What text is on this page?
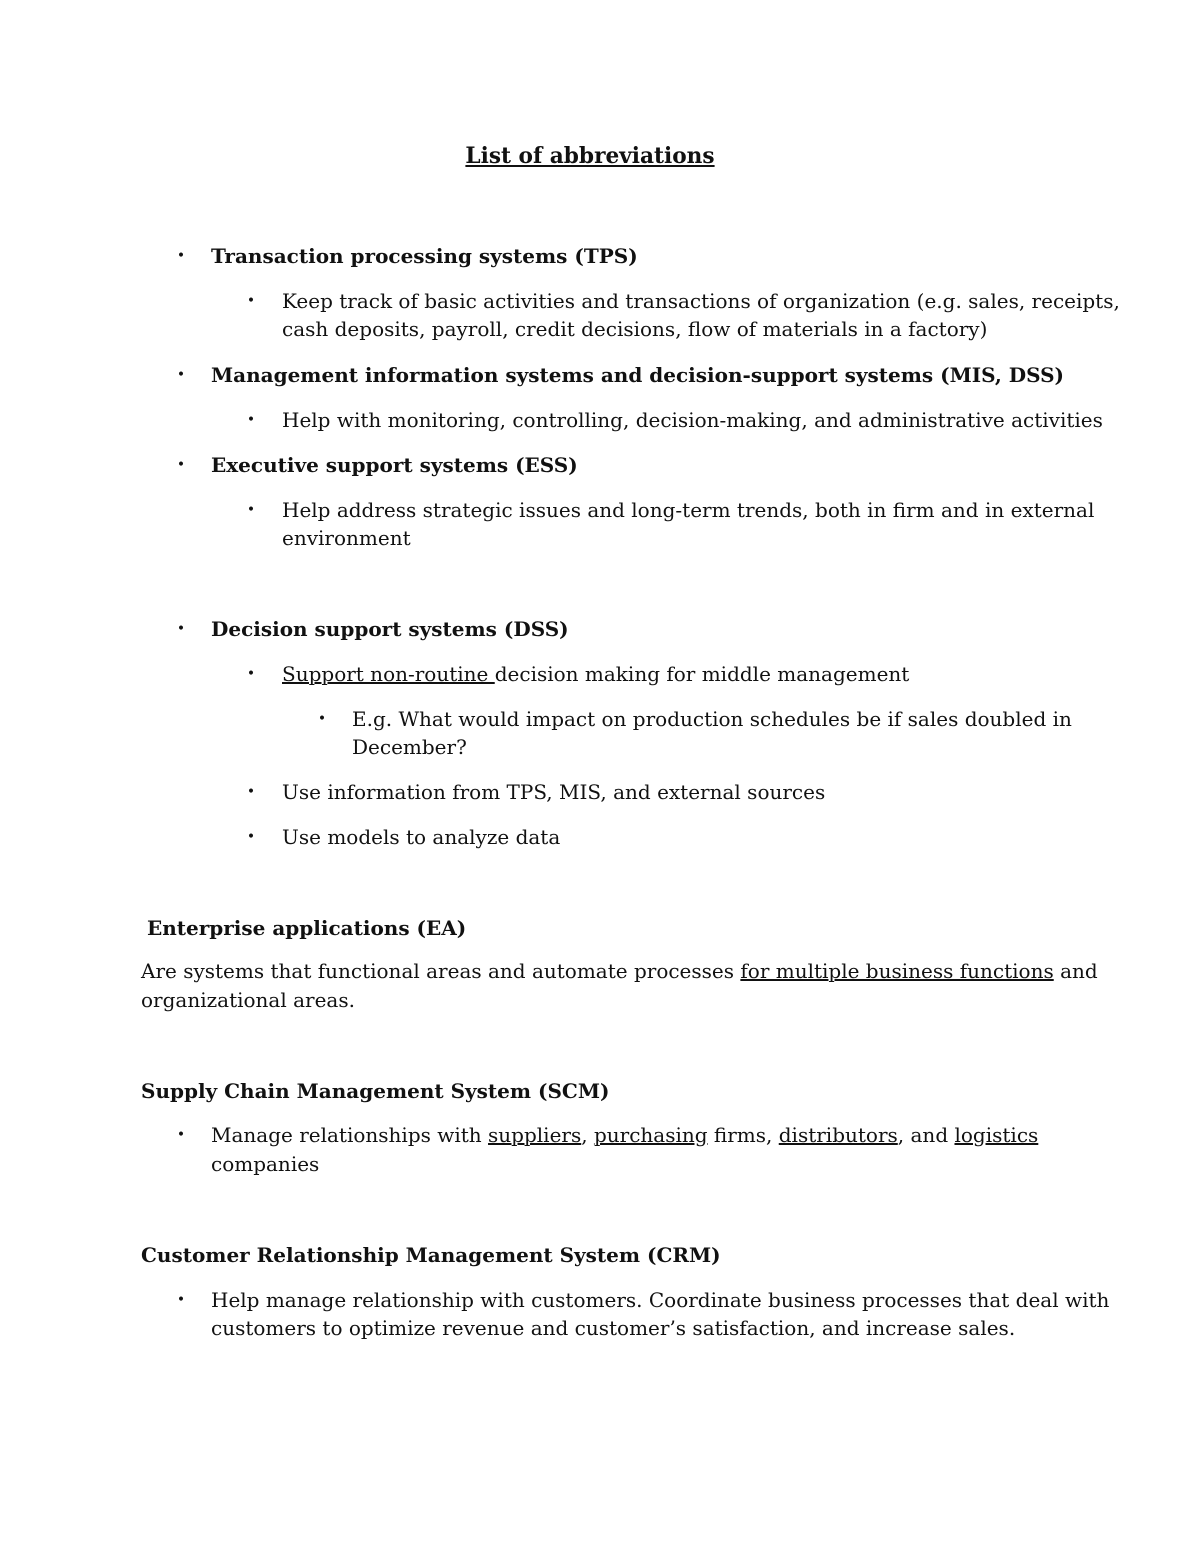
List of abbreviations
• Transaction processing systems (TPS)
• Keep track of basic activities and transactions of organization (e.g. sales, receipts,
cash deposits, payroll, credit decisions, flow of materials in a factory)
• Management information systems and decision-support systems (MIS, DSS)
• Help with monitoring, controlling, decision-making, and administrative activities
• Executive support systems (ESS)
• Help address strategic issues and long-term trends, both in firm and in external
environment
• Decision support systems (DSS)
• Support non-routine decision making for middle management
• E.g. What would impact on production schedules be if sales doubled in
December?
• Use information from TPS, MIS, and external sources
• Use models to analyze data
Enterprise applications (EA)
Are systems that functional areas and automate processes for multiple business functions and
organizational areas.
Supply Chain Management System (SCM)
• Manage relationships with suppliers, purchasing firms, distributors, and logistics
companies
Customer Relationship Management System (CRM)
• Help manage relationship with customers. Coordinate business processes that deal with
customers to optimize revenue and customer’s satisfaction, and increase sales.
